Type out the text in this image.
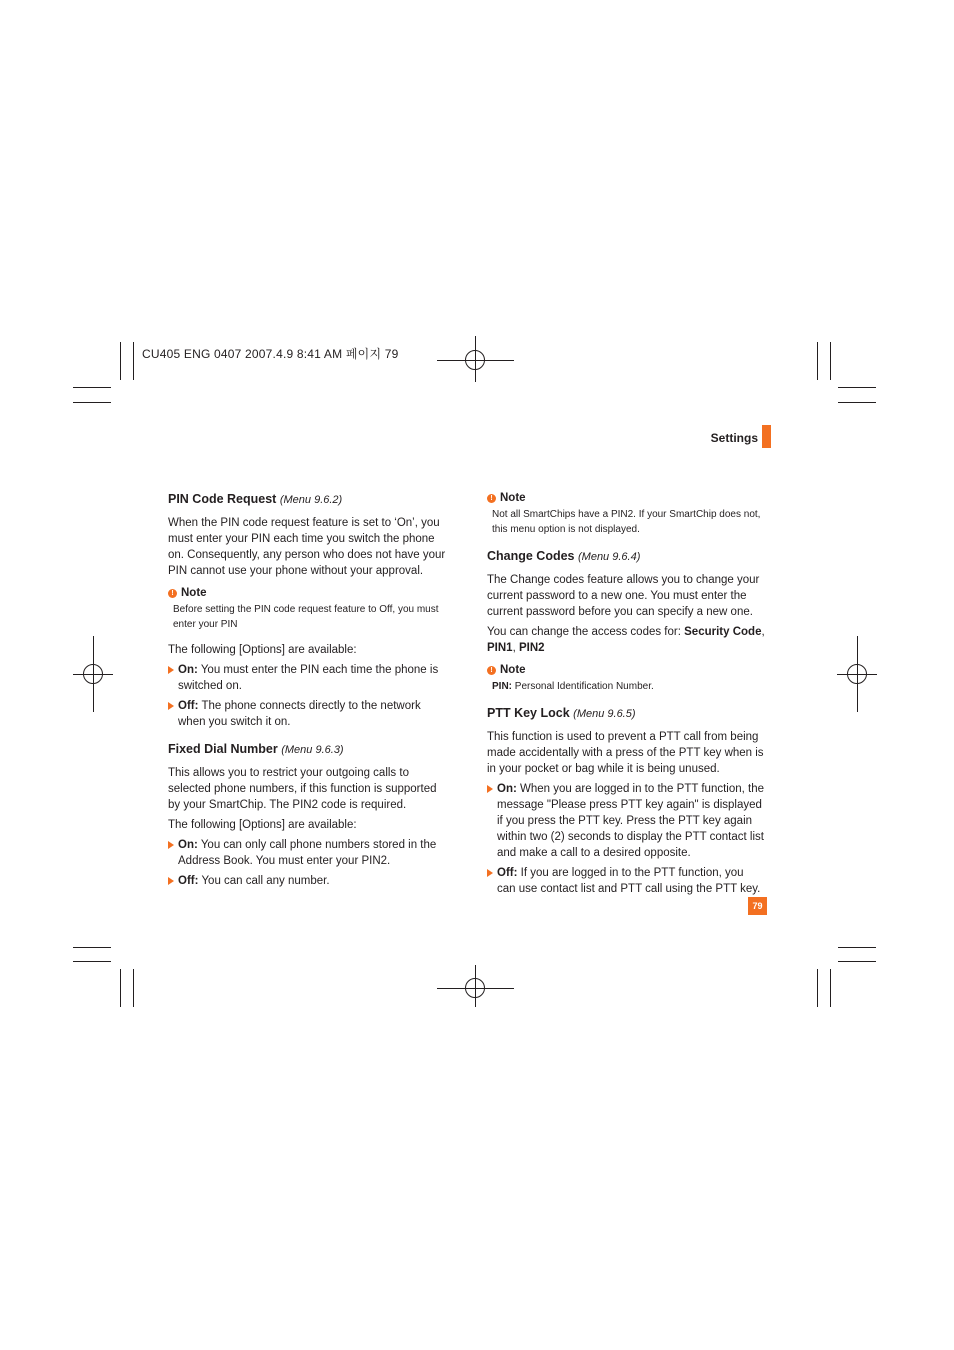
CU405 ENG 0407 2007.4.9 8:41 AM 페이지 79
Settings
PIN Code Request (Menu 9.6.2)

When the PIN code request feature is set to ‘On’, you must enter your PIN each time you switch the phone on. Consequently, any person who does not have your PIN cannot use your phone without your approval.

! Note
Before setting the PIN code request feature to Off, you must enter your PIN

The following [Options] are available:

On: You must enter the PIN each time the phone is switched on.
Off: The phone connects directly to the network when you switch it on.
Fixed Dial Number (Menu 9.6.3)

This allows you to restrict your outgoing calls to selected phone numbers, if this function is supported by your SmartChip. The PIN2 code is required.

The following [Options] are available:

On: You can only call phone numbers stored in the Address Book. You must enter your PIN2.
Off: You can call any number.
! Note
Not all SmartChips have a PIN2. If your SmartChip does not, this menu option is not displayed.
Change Codes (Menu 9.6.4)

The Change codes feature allows you to change your current password to a new one. You must enter the current password before you can specify a new one.

You can change the access codes for: Security Code, PIN1, PIN2

! Note
PIN: Personal Identification Number.
PTT Key Lock (Menu 9.6.5)

This function is used to prevent a PTT call from being made accidentally with a press of the PTT key when is in your pocket or bag while it is being unused.

On: When you are logged in to the PTT function, the message "Please press PTT key again" is displayed if you press the PTT key. Press the PTT key again within two (2) seconds to display the PTT contact list and make a call to a desired opposite.
Off: If you are logged in to the PTT function, you can use contact list and PTT call using the PTT key.
79
